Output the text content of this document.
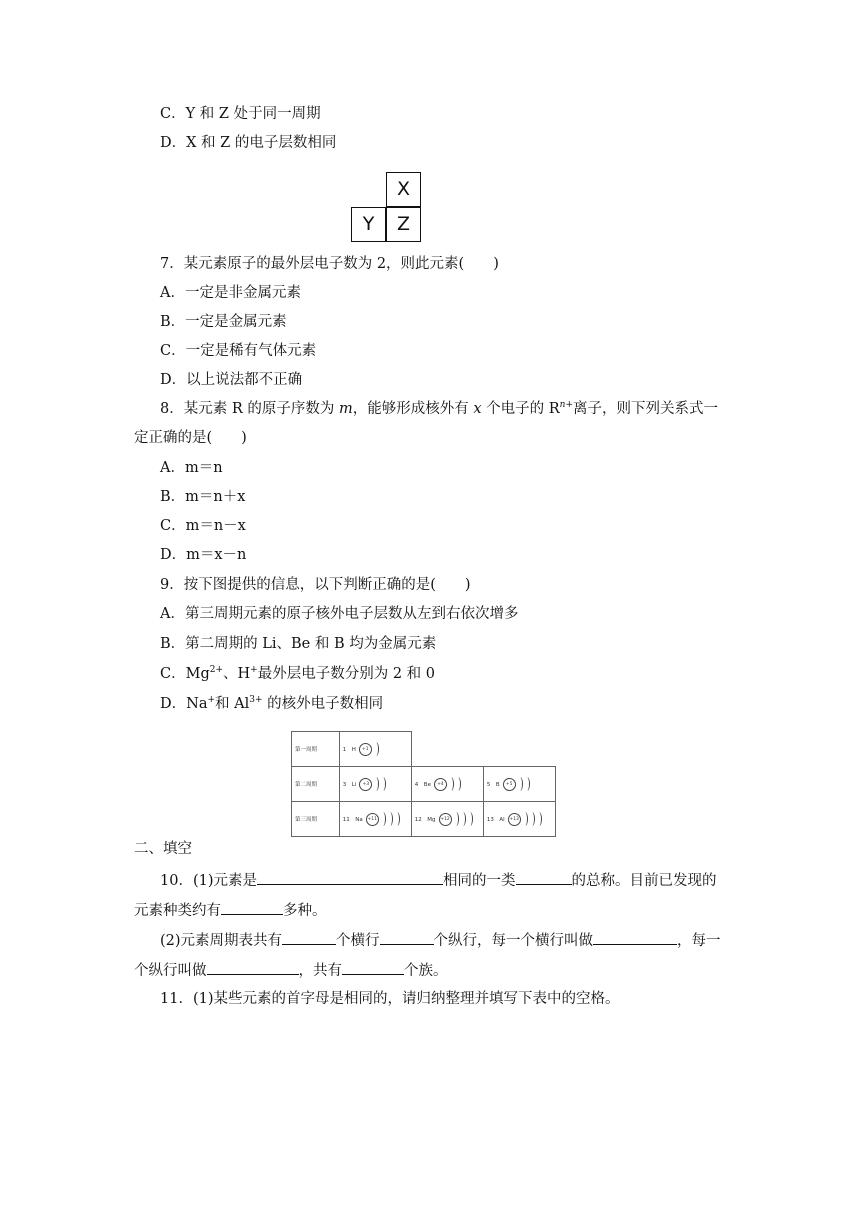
C．Y 和 Z 处于同一周期
D．X 和 Z 的电子层数相同
X
Y	Z
7．某元素原子的最外层电子数为 2，则此元素(　　)
A．一定是非金属元素
B．一定是金属元素
C．一定是稀有气体元素
D．以上说法都不正确
8．某元素 R 的原子序数为 m，能够形成核外有 x 个电子的 $R^{n+}$离子，则下列关系式一
定正确的是(　　)
A．m＝n
B．m＝n＋x
C．m＝n－x
D．m＝x－n
9．按下图提供的信息，以下判断正确的是(　　)
A．第三周期元素的原子核外电子层数从左到右依次增多
B．第二周期的 Li、Be 和 B 均为金属元素
C．$Mg^{2+}$、H+最外层电子数分别为 2 和 0
D．Na+和 $Al^{3+}$ 的核外电子数相同
第一周期	1　H +1		

第二周期	3　Li +3	4　Be +4	5　B +5

第三周期	11　Na +11	12　Mg +12	13　Al +13
二、填空
10．(1)元素是	相同的一类	的总称。目前已发现的
元素种类约有	多种。
(2)元素周期表共有	个横行	个纵行，每一个横行叫做	，每一
个纵行叫做	，共有	个族。
11．(1)某些元素的首字母是相同的，请归纳整理并填写下表中的空格。
